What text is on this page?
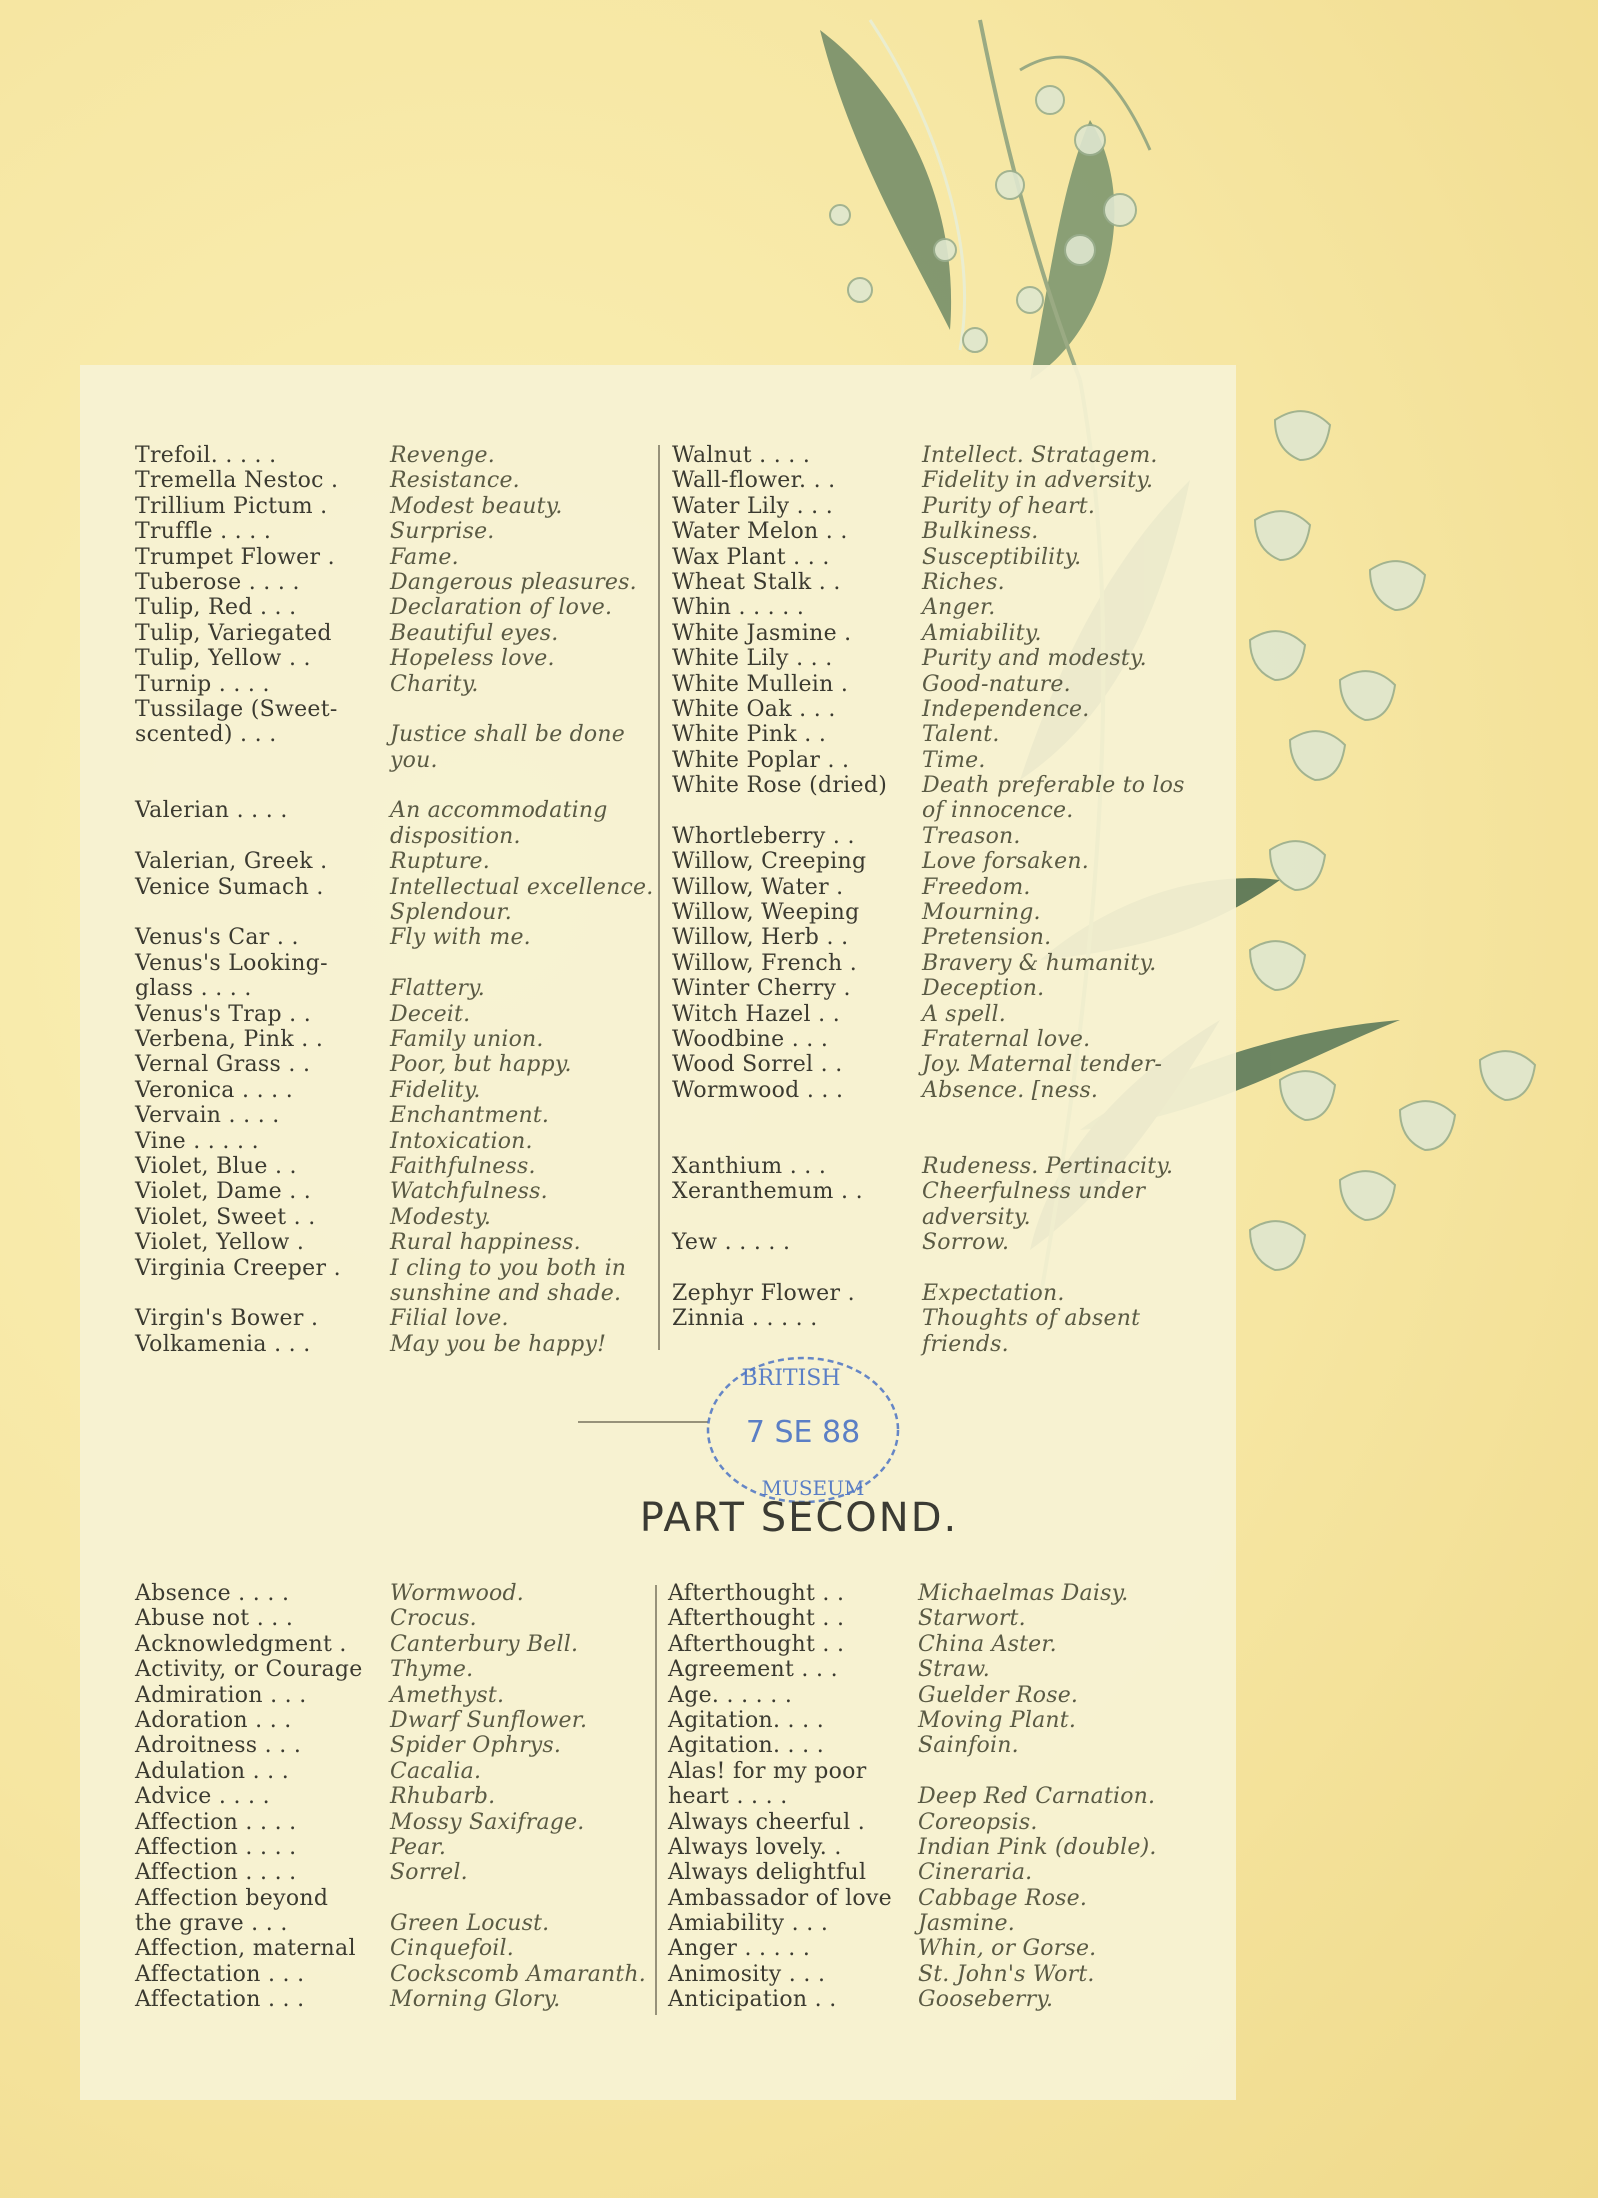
Trefoil. . . . .	Revenge.
Tremella Nestoc .	Resistance.
Trillium Pictum .	Modest beauty.
Truffle . . . .	Surprise.
Trumpet Flower .	Fame.
Tuberose . . . .	Dangerous pleasures.
Tulip, Red . . .	Declaration of love.
Tulip, Variegated	Beautiful eyes.
Tulip, Yellow . .	Hopeless love.
Turnip . . . .	Charity.
Tussilage (Sweet-
scented) . . .	Justice shall be done
you.
Valerian . . . .	An accommodating
disposition.
Valerian, Greek .	Rupture.
Venice Sumach .	Intellectual excellence.
Splendour.
Venus's Car . .	Fly with me.
Venus's Looking-
glass . . . .	Flattery.
Venus's Trap . .	Deceit.
Verbena, Pink . .	Family union.
Vernal Grass . .	Poor, but happy.
Veronica . . . .	Fidelity.
Vervain . . . .	Enchantment.
Vine . . . . .	Intoxication.
Violet, Blue . .	Faithfulness.
Violet, Dame . .	Watchfulness.
Violet, Sweet . .	Modesty.
Violet, Yellow .	Rural happiness.
Virginia Creeper .	I cling to you both in
sunshine and shade.
Virgin's Bower .	Filial love.
Volkamenia . . .	May you be happy!
Walnut . . . .	Intellect. Stratagem.
Wall-flower. . .	Fidelity in adversity.
Water Lily . . .	Purity of heart.
Water Melon . .	Bulkiness.
Wax Plant . . .	Susceptibility.
Wheat Stalk . .	Riches.
Whin . . . . .	Anger.
White Jasmine .	Amiability.
White Lily . . .	Purity and modesty.
White Mullein .	Good-nature.
White Oak . . .	Independence.
White Pink . .	Talent.
White Poplar . .	Time.
White Rose (dried)	Death preferable to los
of innocence.
Whortleberry . .	Treason.
Willow, Creeping	Love forsaken.
Willow, Water .	Freedom.
Willow, Weeping	Mourning.
Willow, Herb . .	Pretension.
Willow, French .	Bravery & humanity.
Winter Cherry .	Deception.
Witch Hazel . .	A spell.
Woodbine . . .	Fraternal love.
Wood Sorrel . .	Joy. Maternal tender-
Wormwood . . .	Absence. [ness.
Xanthium . . .	Rudeness. Pertinacity.
Xeranthemum . .	Cheerfulness under
adversity.
Yew . . . . .	Sorrow.
Zephyr Flower .	Expectation.
Zinnia . . . . .	Thoughts of absent
friends.
BRITISH
7 SE 88
MUSEUM
PART SECOND.
Absence . . . .	Wormwood.
Abuse not . . .	Crocus.
Acknowledgment .	Canterbury Bell.
Activity, or Courage	Thyme.
Admiration . . .	Amethyst.
Adoration . . .	Dwarf Sunflower.
Adroitness . . .	Spider Ophrys.
Adulation . . .	Cacalia.
Advice . . . .	Rhubarb.
Affection . . . .	Mossy Saxifrage.
Affection . . . .	Pear.
Affection . . . .	Sorrel.
Affection beyond
the grave . . .	Green Locust.
Affection, maternal	Cinquefoil.
Affectation . . .	Cockscomb Amaranth.
Affectation . . .	Morning Glory.
Afterthought . .	Michaelmas Daisy.
Afterthought . .	Starwort.
Afterthought . .	China Aster.
Agreement . . .	Straw.
Age. . . . . .	Guelder Rose.
Agitation. . . .	Moving Plant.
Agitation. . . .	Sainfoin.
Alas! for my poor
heart . . . .	Deep Red Carnation.
Always cheerful .	Coreopsis.
Always lovely. .	Indian Pink (double).
Always delightful	Cineraria.
Ambassador of love	Cabbage Rose.
Amiability . . .	Jasmine.
Anger . . . . .	Whin, or Gorse.
Animosity . . .	St. John's Wort.
Anticipation . .	Gooseberry.
